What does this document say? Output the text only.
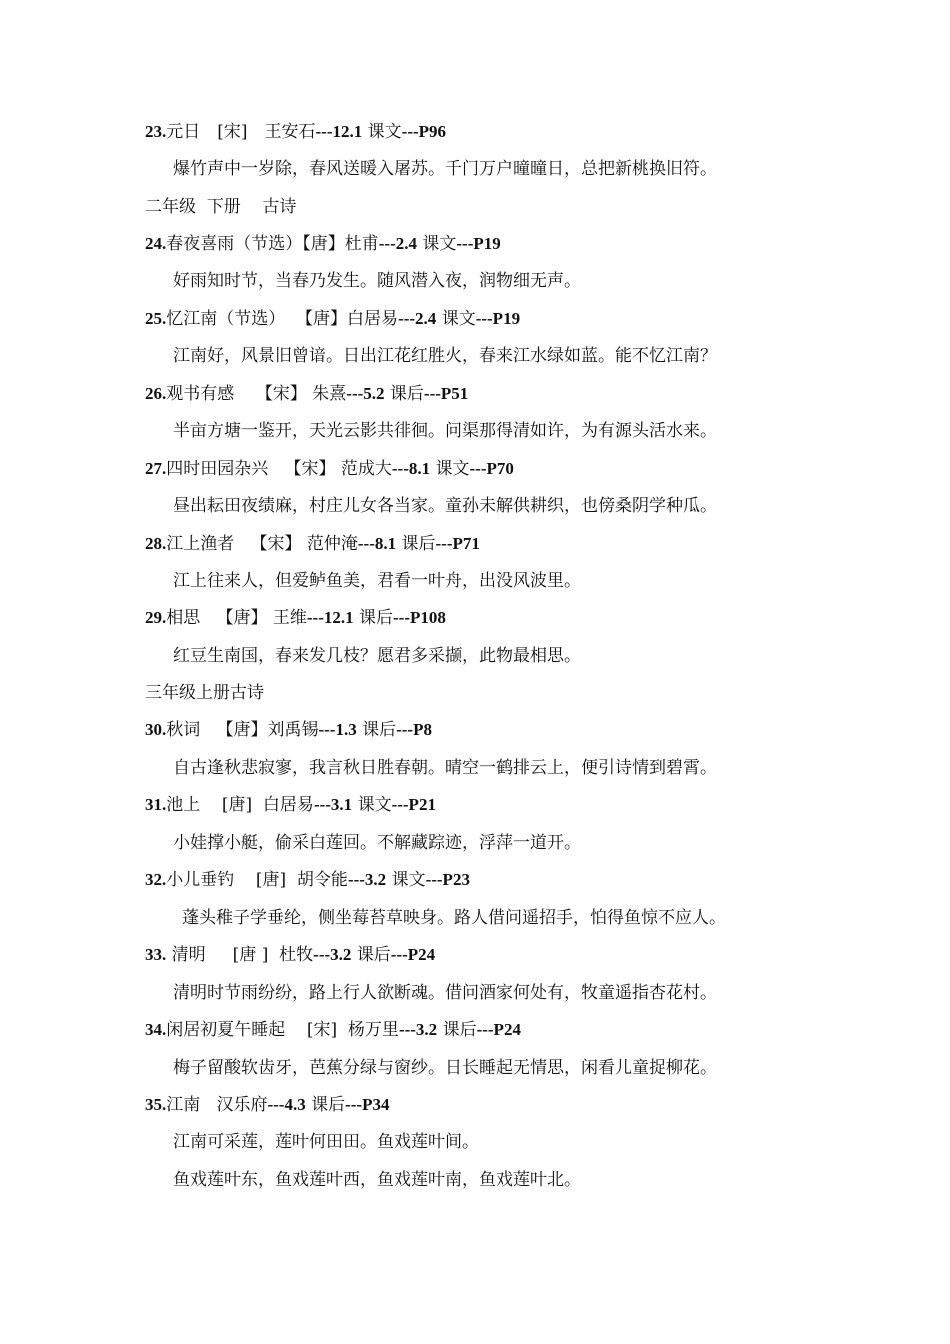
23.元日　[宋]　王安石---12.1 课文---P96
爆竹声中一岁除，春风送暖入屠苏。千门万户曈曈日，总把新桃换旧符。
二年级  下册    古诗
24.春夜喜雨（节选）【唐】杜甫---2.4 课文---P19
好雨知时节，当春乃发生。随风潜入夜，润物细无声。
25.忆江南（节选）  【唐】白居易---2.4 课文---P19
江南好，风景旧曾谙。日出江花红胜火，春来江水绿如蓝。能不忆江南？
26.观书有感    【宋】 朱熹---5.2 课后---P51
半亩方塘一鉴开，天光云影共徘徊。问渠那得清如许，为有源头活水来。
27.四时田园杂兴   【宋】 范成大---8.1 课文---P70
昼出耘田夜绩麻，村庄儿女各当家。童孙未解供耕织，也傍桑阴学种瓜。
28.江上渔者   【宋】 范仲淹---8.1 课后---P71
江上往来人，但爱鲈鱼美，君看一叶舟，出没风波里。
29.相思   【唐】 王维---12.1 课后---P108
红豆生南国，春来发几枝？愿君多采撷，此物最相思。
三年级上册古诗
30.秋词   【唐】刘禹锡---1.3 课后---P8
自古逢秋悲寂寥，我言秋日胜春朝。晴空一鹤排云上，便引诗情到碧霄。
31.池上    [唐]  白居易---3.1 课文---P21
小娃撑小艇，偷采白莲回。不解藏踪迹，浮萍一道开。
32.小儿垂钓    [唐]  胡令能---3.2 课文---P23
蓬头稚子学垂纶，侧坐莓苔草映身。路人借问遥招手，怕得鱼惊不应人。
33. 清明     [唐 ]  杜牧---3.2 课后---P24
清明时节雨纷纷，路上行人欲断魂。借问酒家何处有，牧童遥指杏花村。
34.闲居初夏午睡起    [宋]  杨万里---3.2 课后---P24
梅子留酸软齿牙，芭蕉分绿与窗纱。日长睡起无情思，闲看儿童捉柳花。
35.江南   汉乐府---4.3 课后---P34
江南可采莲，莲叶何田田。鱼戏莲叶间。
鱼戏莲叶东，鱼戏莲叶西，鱼戏莲叶南，鱼戏莲叶北。
